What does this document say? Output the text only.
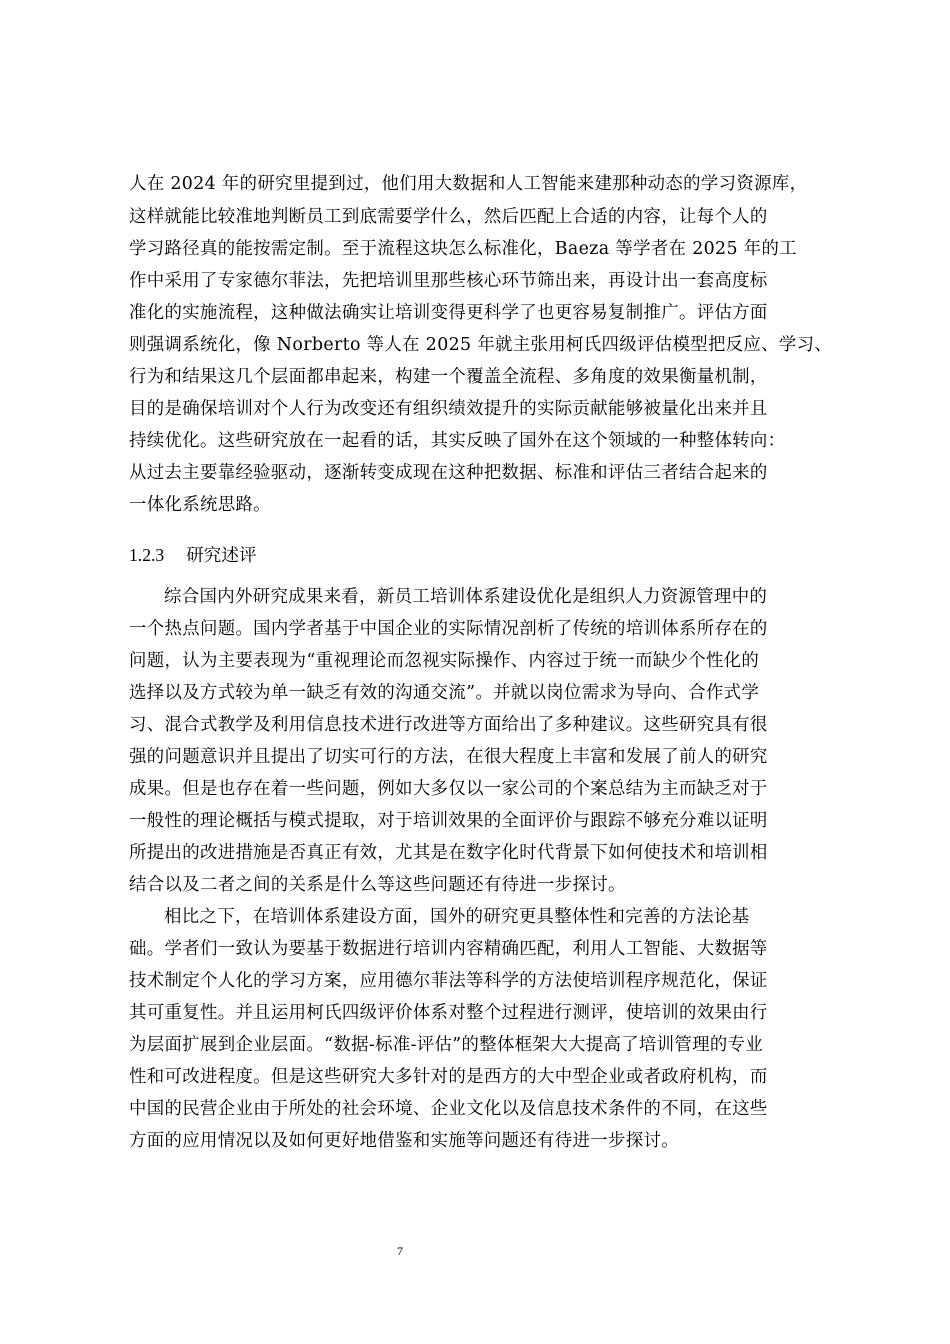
人在 2024 年的研究里提到过，他们用大数据和人工智能来建那种动态的学习资源库，
这样就能比较准地判断员工到底需要学什么，然后匹配上合适的内容，让每个人的
学习路径真的能按需定制。至于流程这块怎么标准化，Baeza 等学者在 2025 年的工
作中采用了专家德尔菲法，先把培训里那些核心环节筛出来，再设计出一套高度标
准化的实施流程，这种做法确实让培训变得更科学了也更容易复制推广。评估方面
则强调系统化，像 Norberto 等人在 2025 年就主张用柯氏四级评估模型把反应、学习、
行为和结果这几个层面都串起来，构建一个覆盖全流程、多角度的效果衡量机制，
目的是确保培训对个人行为改变还有组织绩效提升的实际贡献能够被量化出来并且
持续优化。这些研究放在一起看的话，其实反映了国外在这个领域的一种整体转向：
从过去主要靠经验驱动，逐渐转变成现在这种把数据、标准和评估三者结合起来的
一体化系统思路。
1.2.3 研究述评
综合国内外研究成果来看，新员工培训体系建设优化是组织人力资源管理中的
一个热点问题。国内学者基于中国企业的实际情况剖析了传统的培训体系所存在的
问题，认为主要表现为“重视理论而忽视实际操作、内容过于统一而缺少个性化的
选择以及方式较为单一缺乏有效的沟通交流”。并就以岗位需求为导向、合作式学
习、混合式教学及利用信息技术进行改进等方面给出了多种建议。这些研究具有很
强的问题意识并且提出了切实可行的方法，在很大程度上丰富和发展了前人的研究
成果。但是也存在着一些问题，例如大多仅以一家公司的个案总结为主而缺乏对于
一般性的理论概括与模式提取，对于培训效果的全面评价与跟踪不够充分难以证明
所提出的改进措施是否真正有效，尤其是在数字化时代背景下如何使技术和培训相
结合以及二者之间的关系是什么等这些问题还有待进一步探讨。
相比之下，在培训体系建设方面，国外的研究更具整体性和完善的方法论基
础。学者们一致认为要基于数据进行培训内容精确匹配，利用人工智能、大数据等
技术制定个人化的学习方案，应用德尔菲法等科学的方法使培训程序规范化，保证
其可重复性。并且运用柯氏四级评价体系对整个过程进行测评，使培训的效果由行
为层面扩展到企业层面。“数据-标准-评估”的整体框架大大提高了培训管理的专业
性和可改进程度。但是这些研究大多针对的是西方的大中型企业或者政府机构，而
中国的民营企业由于所处的社会环境、企业文化以及信息技术条件的不同，在这些
方面的应用情况以及如何更好地借鉴和实施等问题还有待进一步探讨。
7
